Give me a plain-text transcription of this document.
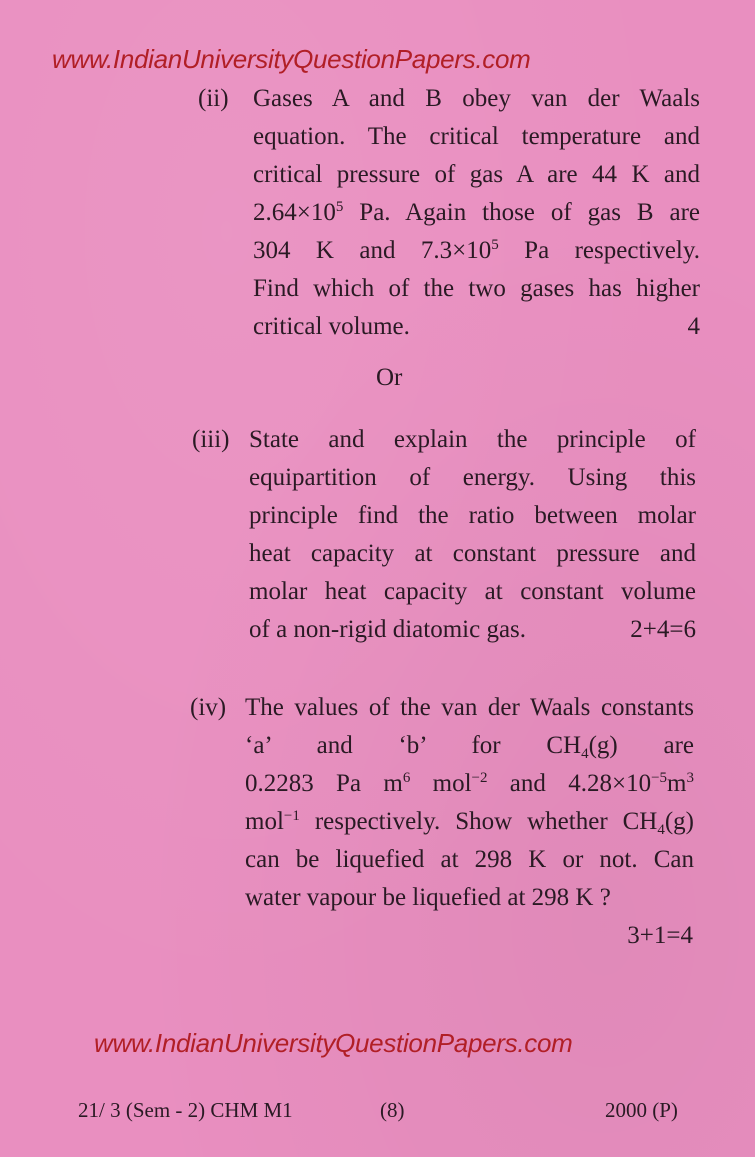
www.IndianUniversityQuestionPapers.com
(ii) Gases A and B obey van der Waals
equation. The critical temperature and
critical pressure of gas A are 44 K and
$2.64\times 10^5$ Pa. Again those of gas B are
304 K and $7.3\times 10^5$ Pa respectively.
Find which of the two gases has higher
critical volume.	4
Or
(iii) State and explain the principle of
equipartition of energy. Using this
principle find the ratio between molar
heat capacity at constant pressure and
molar heat capacity at constant volume
of a non-rigid diatomic gas.	2+4=6
(iv) The values of the van der Waals constants
‘a’ and ‘b’ for $CH_4(g)$ are
0.2283 Pa $m^6$ mol$^{-2}$ and $4.28\times 10^{-5}m^3$
mol$^{-1}$ respectively. Show whether $CH_4(g)$
can be liquefied at 298 K or not. Can
water vapour be liquefied at 298 K ?
3+1=4
www.IndianUniversityQuestionPapers.com
21/ 3 (Sem - 2) CHM M1	(8)	2000 (P)
